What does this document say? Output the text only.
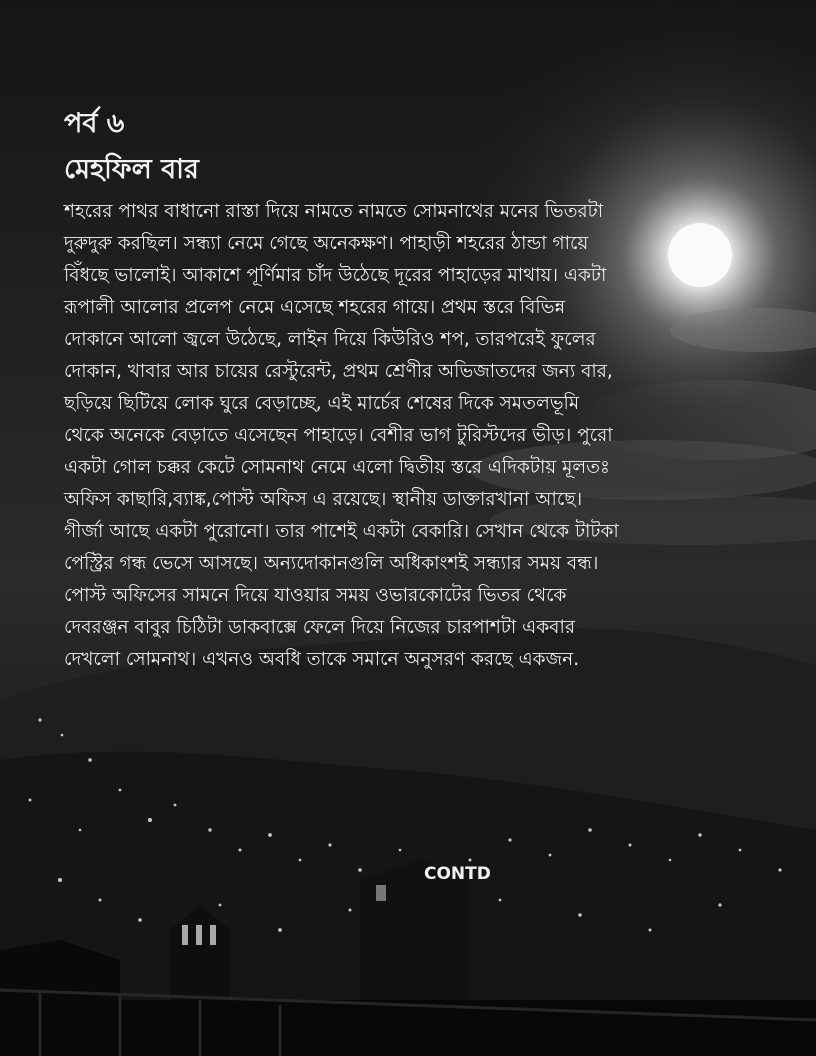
পর্ব ৬
মেহফিল বার

শহরের পাথর বাধানো রাস্তা দিয়ে নামতে নামতে সোমনাথের মনের ভিতরটা দুরুদুরু করছিল। সন্ধ্যা নেমে গেছে অনেকক্ষণ। পাহাড়ী শহরের ঠান্ডা গায়ে বিঁধছে ভালোই। আকাশে পূর্ণিমার চাঁদ উঠেছে দূরের পাহাড়ের মাথায়। একটা রূপালী আলোর প্রলেপ নেমে এসেছে শহরের গায়ে। প্রথম স্তরে বিভিন্ন দোকানে আলো জ্বলে উঠেছে, লাইন দিয়ে কিউরিও শপ, তারপরেই ফুলের দোকান, খাবার আর চায়ের রেস্টুরেন্ট, প্রথম শ্রেণীর অভিজাতদের জন্য বার, ছড়িয়ে ছিটিয়ে লোক ঘুরে বেড়াচ্ছে, এই মার্চের শেষের দিকে সমতলভূমি থেকে অনেকে বেড়াতে এসেছেন পাহাড়ে। বেশীর ভাগ টুরিস্টদের ভীড়। পুরো একটা গোল চক্কর কেটে সোমনাথ নেমে এলো দ্বিতীয় স্তরে এদিকটায় মূলতঃ অফিস কাছারি,ব্যাঙ্ক,পোস্ট অফিস এ রয়েছে। স্থানীয় ডাক্তারখানা আছে। গীর্জা আছে একটা পুরোনো। তার পাশেই একটা বেকারি। সেখান থেকে টাটকা পেস্ট্রির গন্ধ ভেসে আসছে। অন্যদোকানগুলি অধিকাংশই সন্ধ্যার সময় বন্ধ। পোস্ট অফিসের সামনে দিয়ে যাওয়ার সময় ওভারকোটের ভিতর থেকে দেবরঞ্জন বাবুর চিঠিটা ডাকবাক্সে ফেলে দিয়ে নিজের চারপাশটা একবার দেখলো সোমনাথ। এখনও অবধি তাকে সমানে অনুসরণ করছে একজন.

CONTD
